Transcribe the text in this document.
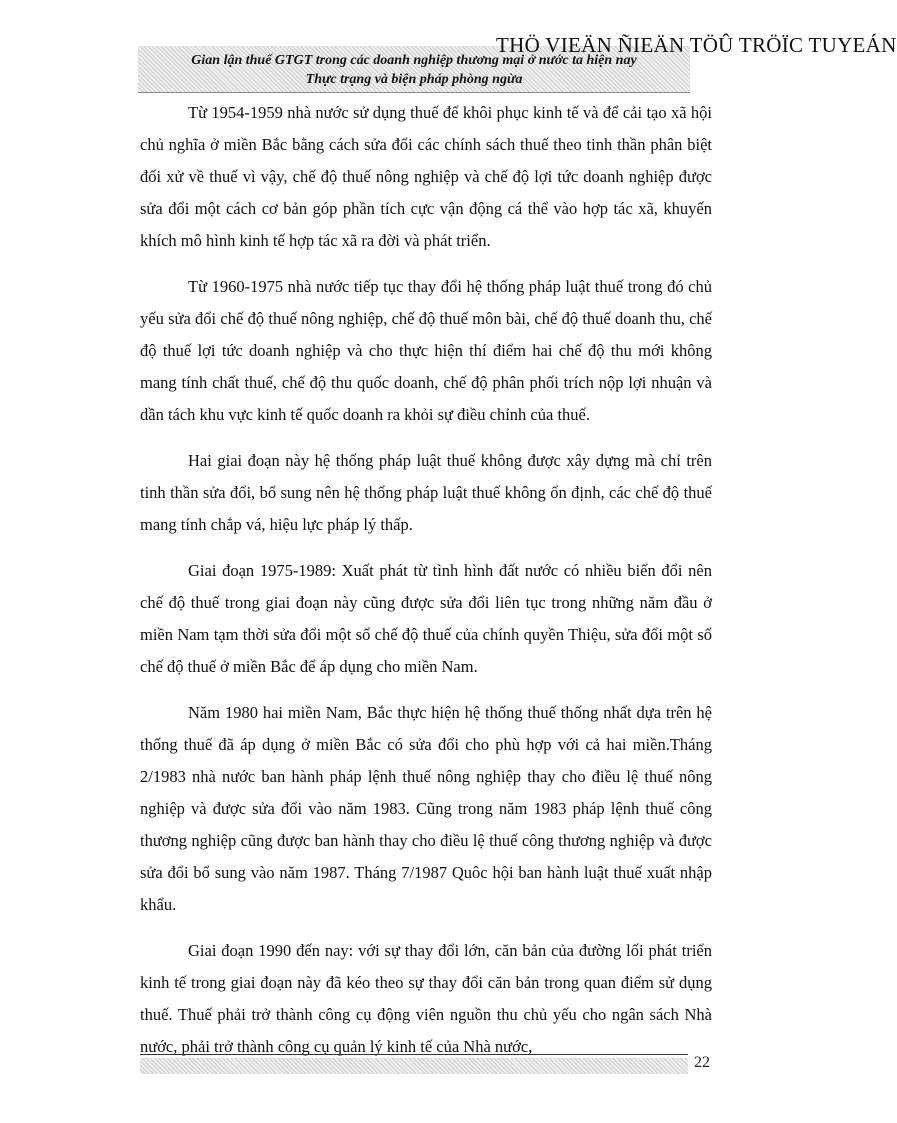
Gian lận thuế GTGT trong các doanh nghiệp thương mại ở nước ta hiện nay
Thực trạng và biện pháp phòng ngừa
THÖ VIEÄN ÑIEÄN TÖÛ TRÖÏC TUYEÁN

Từ 1954-1959 nhà nước sử dụng thuế để khôi phục kinh tế và để cải tạo xã hội chủ nghĩa ở miền Bắc bằng cách sửa đổi các chính sách thuế theo tinh thần phân biệt đối xử về thuế vì vậy, chế độ thuế nông nghiệp và chế độ lợi tức doanh nghiệp được sửa đổi một cách cơ bản góp phần tích cực vận động cá thể vào hợp tác xã, khuyến khích mô hình kinh tế hợp tác xã ra đời và phát triển.

Từ 1960-1975 nhà nước tiếp tục thay đổi hệ thống pháp luật thuế trong đó chủ yếu sửa đổi chế độ thuế nông nghiệp, chế độ thuế môn bài, chế độ thuế doanh thu, chế độ thuế lợi tức doanh nghiệp và cho thực hiện thí điểm hai chế độ thu mới không mang tính chất thuế, chế độ thu quốc doanh, chế độ phân phối trích nộp lợi nhuận và dần tách khu vực kinh tế quốc doanh ra khỏi sự điều chỉnh của thuế.

Hai giai đoạn này hệ thống pháp luật thuế không được xây dựng mà chỉ trên tinh thần sửa đổi, bổ sung nên hệ thống pháp luật thuế không ổn định, các chế độ thuế mang tính chắp vá, hiệu lực pháp lý thấp.

Giai đoạn 1975-1989: Xuất phát từ tình hình đất nước có nhiều biến đổi nên chế độ thuế trong giai đoạn này cũng được sửa đổi liên tục trong những năm đầu ở miền Nam tạm thời sửa đổi một số chế độ thuế của chính quyền Thiệu, sửa đổi một số chế độ thuế ở miền Bắc để áp dụng cho miền Nam.

Năm 1980 hai miền Nam, Bắc thực hiện hệ thống thuế thống nhất dựa trên hệ thống thuế đã áp dụng ở miền Bắc có sửa đổi cho phù hợp với cả hai miền.Tháng 2/1983 nhà nước ban hành pháp lệnh thuế nông nghiệp thay cho điều lệ thuế nông nghiệp và được sửa đổi vào năm 1983. Cũng trong năm 1983 pháp lệnh thuế công thương nghiệp cũng được ban hành thay cho điều lệ thuế công thương nghiệp và được sửa đổi bổ sung vào năm 1987. Tháng 7/1987 Quôc hội ban hành luật thuế xuất nhập khẩu.

Giai đoạn 1990 đến nay: với sự thay đổi lớn, căn bản của đường lối phát triển kinh tế trong giai đoạn này đã kéo theo sự thay đổi căn bản trong quan điểm sử dụng thuế. Thuế phải trở thành công cụ động viên nguồn thu chủ yếu cho ngân sách Nhà nước, phải trở thành công cụ quản lý kinh tế của Nhà nước,

22
